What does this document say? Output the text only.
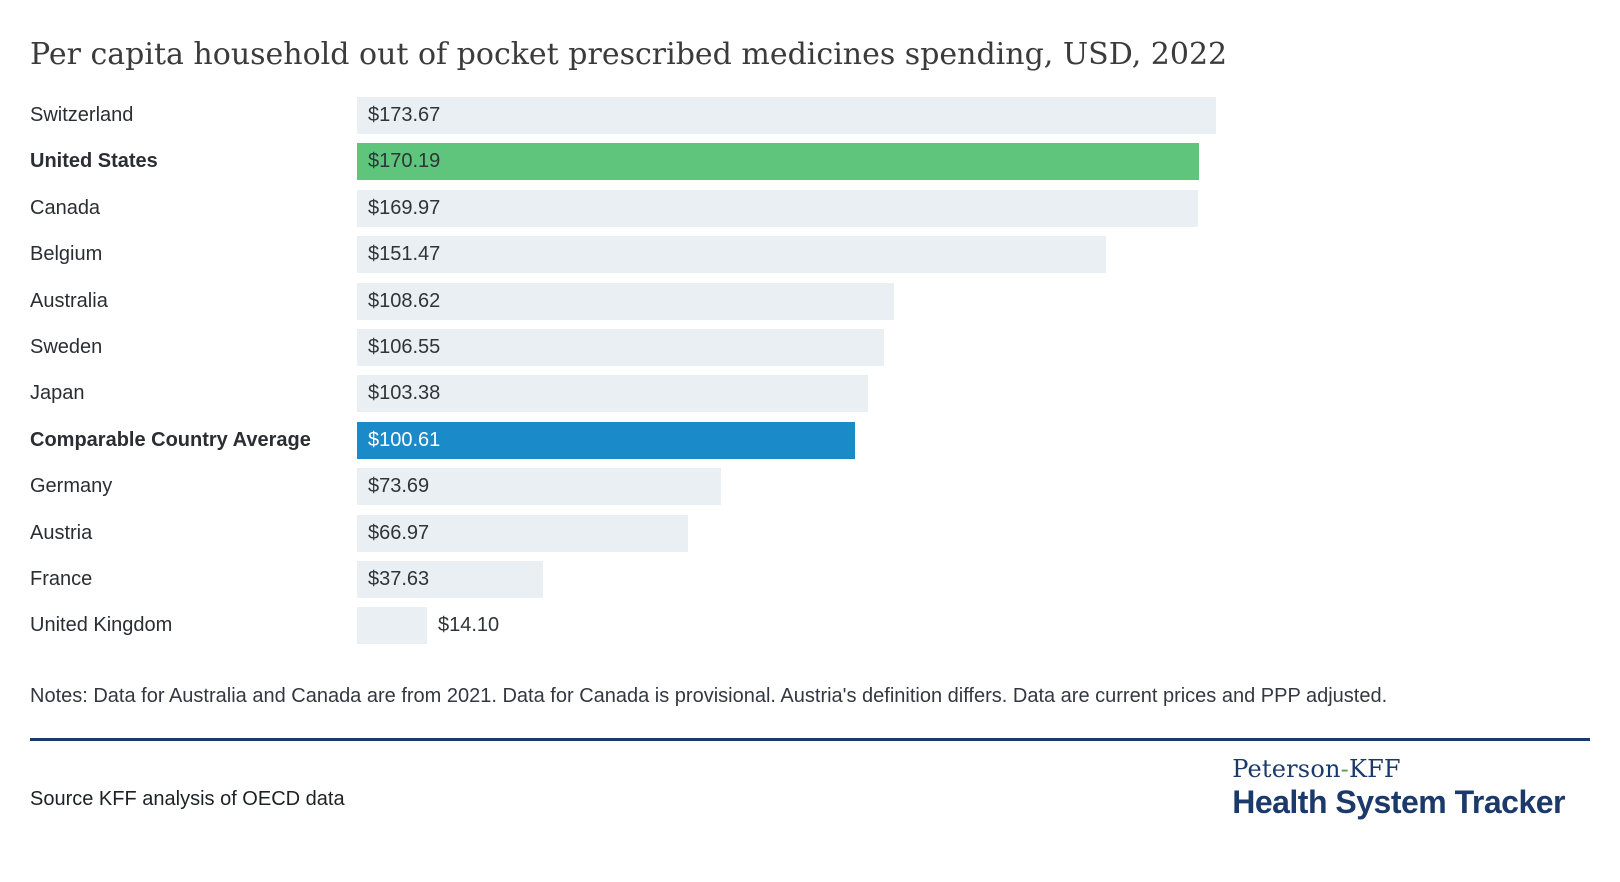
Per capita household out of pocket prescribed medicines spending, USD, 2022
Switzerland	$173.67
United States	$170.19
Canada	$169.97
Belgium	$151.47
Australia	$108.62
Sweden	$106.55
Japan	$103.38
Comparable Country Average	$100.61
Germany	$73.69
Austria	$66.97
France	$37.63
United Kingdom	$14.10
Notes: Data for Australia and Canada are from 2021. Data for Canada is provisional. Austria's definition differs. Data are current prices and PPP adjusted.
Source KFF analysis of OECD data
Peterson-KFF
Health System Tracker
